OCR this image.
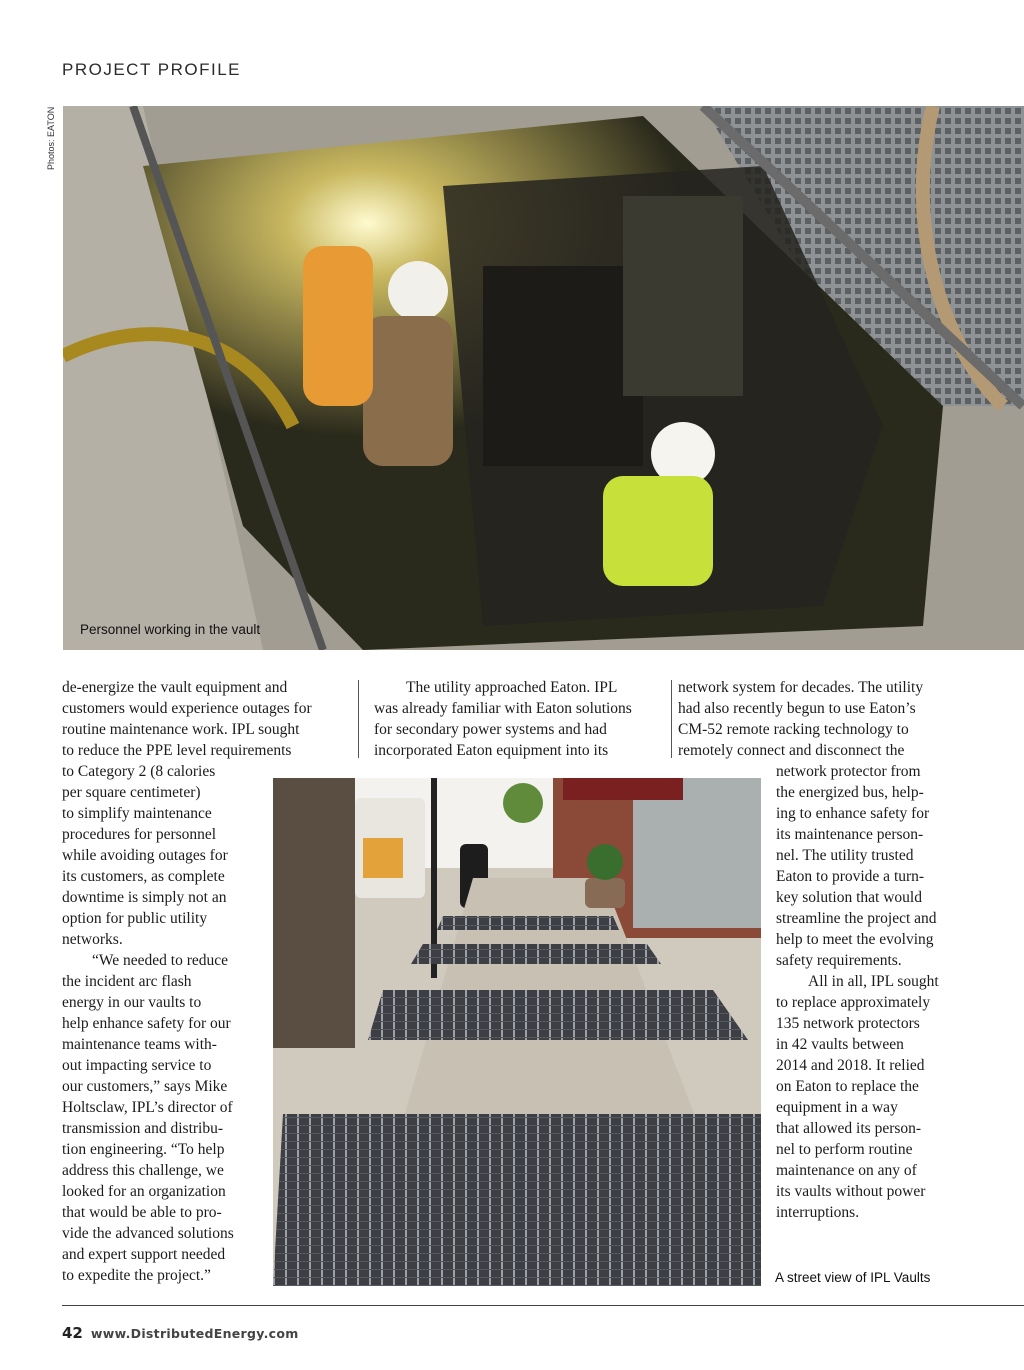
PROJECT PROFILE
Photos: EATON
Personnel working in the vault
de-energize the vault equipment and
customers would experience outages for
routine maintenance work. IPL sought
to reduce the PPE level requirements
to Category 2 (8 calories
per square centimeter)
to simplify maintenance
procedures for personnel
while avoiding outages for
its customers, as complete
downtime is simply not an
option for public utility
networks.
“We needed to reduce
the incident arc flash
energy in our vaults to
help enhance safety for our
maintenance teams with-
out impacting service to
our customers,” says Mike
Holtsclaw, IPL’s director of
transmission and distribu-
tion engineering. “To help
address this challenge, we
looked for an organization
that would be able to pro-
vide the advanced solutions
and expert support needed
to expedite the project.”
The utility approached Eaton. IPL
was already familiar with Eaton solutions
for secondary power systems and had
incorporated Eaton equipment into its
network system for decades. The utility
had also recently begun to use Eaton’s
CM-52 remote racking technology to
remotely connect and disconnect the
network protector from
the energized bus, help-
ing to enhance safety for
its maintenance person-
nel. The utility trusted
Eaton to provide a turn-
key solution that would
streamline the project and
help to meet the evolving
safety requirements.
All in all, IPL sought
to replace approximately
135 network protectors
in 42 vaults between
2014 and 2018. It relied
on Eaton to replace the
equipment in a way
that allowed its person-
nel to perform routine
maintenance on any of
its vaults without power
interruptions.
A street view of IPL Vaults
42 www.DistributedEnergy.com
